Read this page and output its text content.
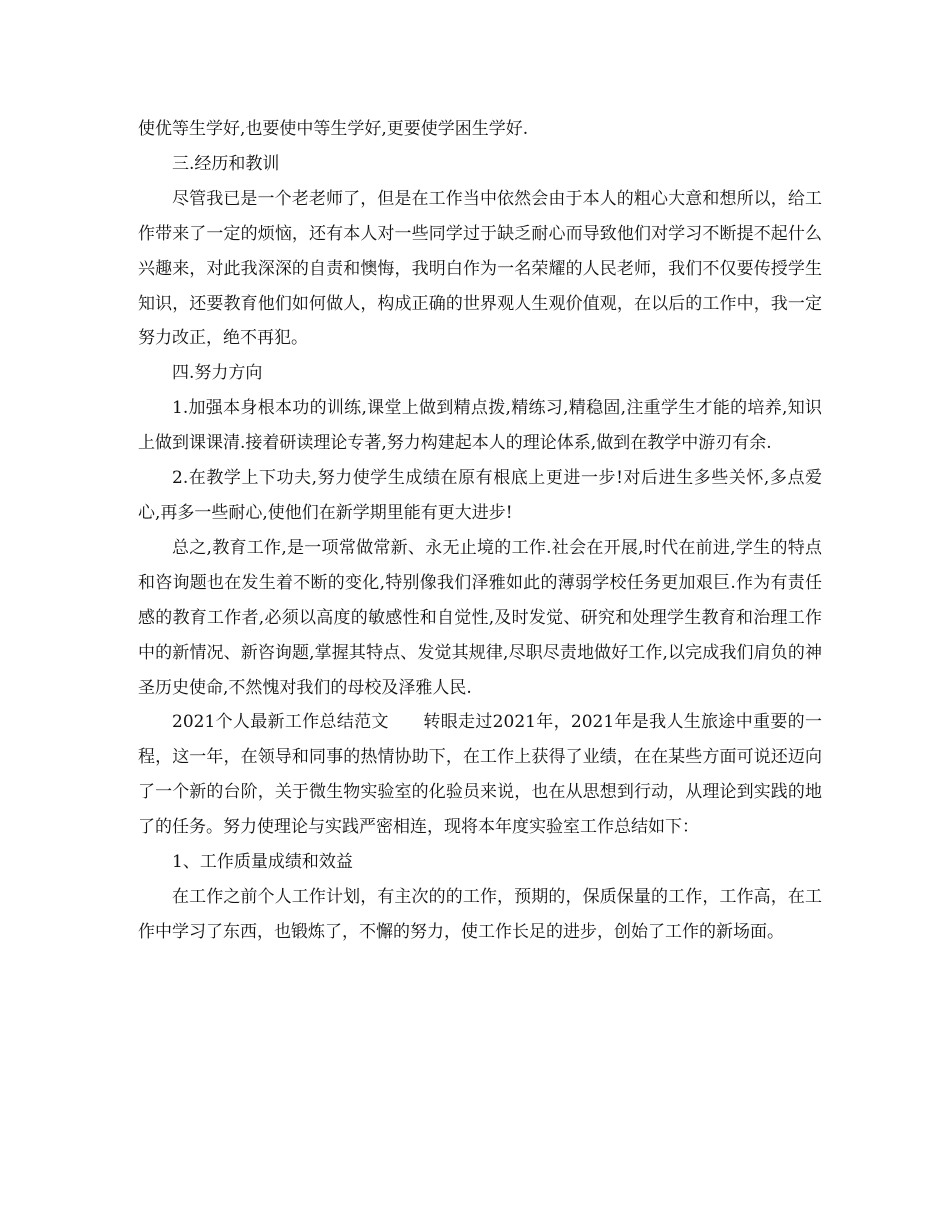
使优等生学好,也要使中等生学好,更要使学困生学好.

三.经历和教训

尽管我已是一个老老师了，但是在工作当中依然会由于本人的粗心大意和想所以，给工作带来了一定的烦恼，还有本人对一些同学过于缺乏耐心而导致他们对学习不断提不起什么兴趣来，对此我深深的自责和懊悔，我明白作为一名荣耀的人民老师，我们不仅要传授学生知识，还要教育他们如何做人，构成正确的世界观人生观价值观，在以后的工作中，我一定努力改正，绝不再犯。

四.努力方向

1.加强本身根本功的训练,课堂上做到精点拨,精练习,精稳固,注重学生才能的培养,知识上做到课课清.接着研读理论专著,努力构建起本人的理论体系,做到在教学中游刃有余.

2.在教学上下功夫,努力使学生成绩在原有根底上更进一步!对后进生多些关怀,多点爱心,再多一些耐心,使他们在新学期里能有更大进步!

总之,教育工作,是一项常做常新、永无止境的工作.社会在开展,时代在前进,学生的特点和咨询题也在发生着不断的变化,特别像我们泽雅如此的薄弱学校任务更加艰巨.作为有责任感的教育工作者,必须以高度的敏感性和自觉性,及时发觉、研究和处理学生教育和治理工作中的新情况、新咨询题,掌握其特点、发觉其规律,尽职尽责地做好工作,以完成我们肩负的神圣历史使命,不然愧对我们的母校及泽雅人民.

2021个人最新工作总结范文　　转眼走过2021年，2021年是我人生旅途中重要的一程，这一年，在领导和同事的热情协助下，在工作上获得了业绩，在在某些方面可说还迈向了一个新的台阶，关于微生物实验室的化验员来说，也在从思想到行动，从理论到实践的地了的任务。努力使理论与实践严密相连，现将本年度实验室工作总结如下：

1、工作质量成绩和效益

在工作之前个人工作计划，有主次的的工作，预期的，保质保量的工作，工作高，在工作中学习了东西，也锻炼了，不懈的努力，使工作长足的进步，创始了工作的新场面。
